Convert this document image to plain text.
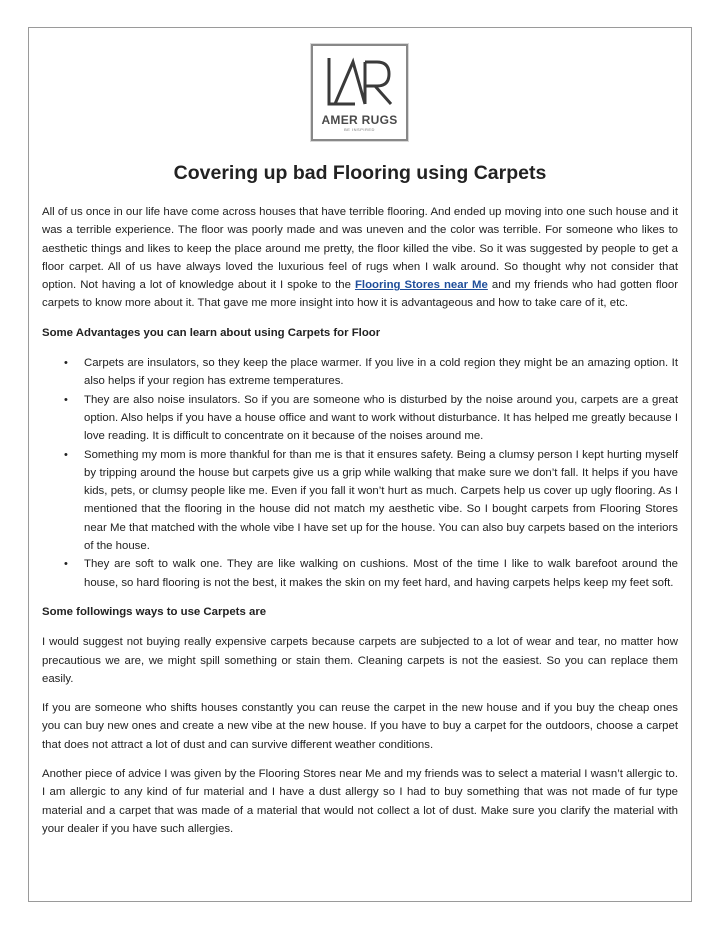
AMER RUGS
BE INSPIRED
Covering up bad Flooring using Carpets

All of us once in our life have come across houses that have terrible flooring. And ended up moving into one such house and it was a terrible experience. The floor was poorly made and was uneven and the color was terrible. For someone who likes to aesthetic things and likes to keep the place around me pretty, the floor killed the vibe. So it was suggested by people to get a floor carpet. All of us have always loved the luxurious feel of rugs when I walk around. So thought why not consider that option. Not having a lot of knowledge about it I spoke to the Flooring Stores near Me and my friends who had gotten floor carpets to know more about it. That gave me more insight into how it is advantageous and how to take care of it, etc.

Some Advantages you can learn about using Carpets for Floor
• Carpets are insulators, so they keep the place warmer. If you live in a cold region they might be an amazing option. It also helps if your region has extreme temperatures.
• They are also noise insulators. So if you are someone who is disturbed by the noise around you, carpets are a great option. Also helps if you have a house office and want to work without disturbance. It has helped me greatly because I love reading. It is difficult to concentrate on it because of the noises around me.
• Something my mom is more thankful for than me is that it ensures safety. Being a clumsy person I kept hurting myself by tripping around the house but carpets give us a grip while walking that make sure we don’t fall. It helps if you have kids, pets, or clumsy people like me. Even if you fall it won’t hurt as much. Carpets help us cover up ugly flooring. As I mentioned that the flooring in the house did not match my aesthetic vibe. So I bought carpets from Flooring Stores near Me that matched with the whole vibe I have set up for the house. You can also buy carpets based on the interiors of the house.
• They are soft to walk one. They are like walking on cushions. Most of the time I like to walk barefoot around the house, so hard flooring is not the best, it makes the skin on my feet hard, and having carpets helps keep my feet soft.
Some followings ways to use Carpets are

I would suggest not buying really expensive carpets because carpets are subjected to a lot of wear and tear, no matter how precautious we are, we might spill something or stain them. Cleaning carpets is not the easiest. So you can replace them easily.

If you are someone who shifts houses constantly you can reuse the carpet in the new house and if you buy the cheap ones you can buy new ones and create a new vibe at the new house. If you have to buy a carpet for the outdoors, choose a carpet that does not attract a lot of dust and can survive different weather conditions.

Another piece of advice I was given by the Flooring Stores near Me and my friends was to select a material I wasn’t allergic to. I am allergic to any kind of fur material and I have a dust allergy so I had to buy something that was not made of fur type material and a carpet that was made of a material that would not collect a lot of dust. Make sure you clarify the material with your dealer if you have such allergies.
